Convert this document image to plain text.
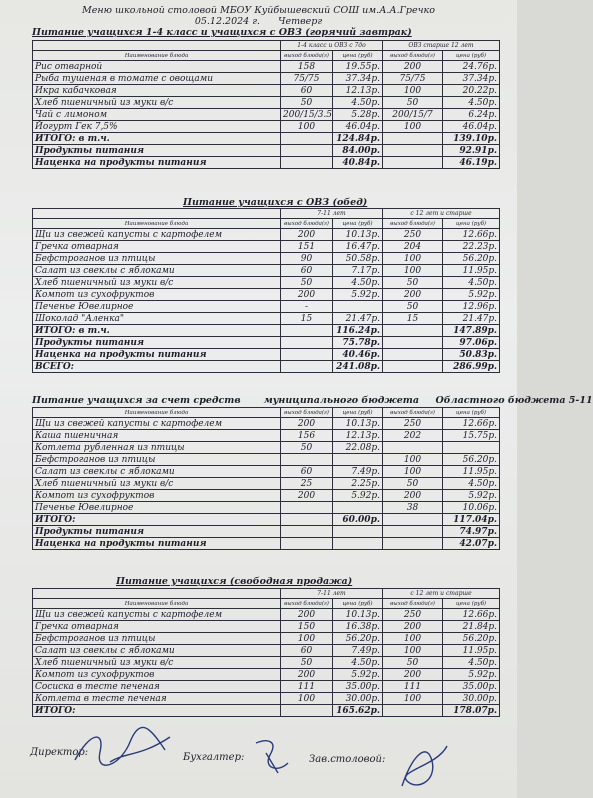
Меню школьной столовой МБОУ Куйбышевский СОШ им.А.А.Гречко
05.12.2024 г. Четверг
Питание учащихся 1-4 класс и учащихся с ОВЗ (горячий завтрак)
	1-4 класс и ОВЗ с 7до		ОВЗ старше 12 лет	
Наименование блюда	выход блюда(г)	цена (руб)	выход блюда(г)	цена (руб)
Рис отварной	158	19.55р.	200	24.76р.
Рыба тушеная в томате с овощами	75/75	37.34р.	75/75	37.34р.
Икра кабачковая	60	12.13р.	100	20.22р.
Хлеб пшеничный из муки в/с	50	4.50р.	50	4.50р.
Чай с лимоном	200/15/3.5	5.28р.	200/15/7	6.24р.
Йогурт Гек 7,5%	100	46.04р.	100	46.04р.
ИТОГО: в т.ч.		124.84р.		139.10р.
Продукты питания		84.00р.		92.91р.
Наценка на продукты питания		40.84р.		46.19р.
Питание учащихся с ОВЗ (обед)
	7-11 лет		с 12 лет и старше	
Наименование блюда	выход блюда(г)	цена (руб)	выход блюда(г)	цена (руб)
Щи из свежей капусты с картофелем	200	10.13р.	250	12.66р.
Гречка отварная	151	16.47р.	204	22.23р.
Бефстроганов из птицы	90	50.58р.	100	56.20р.
Салат из свеклы с яблоками	60	7.17р.	100	11.95р.
Хлеб пшеничный из муки в/с	50	4.50р.	50	4.50р.
Компот из сухофруктов	200	5.92р.	200	5.92р.
Печенье Ювелирное	-		50	12.96р.
Шоколад "Аленка"	15	21.47р.	15	21.47р.
ИТОГО: в т.ч.		116.24р.		147.89р.
Продукты питания		75.78р.		97.06р.
Наценка на продукты питания		40.46р.		50.83р.
ВСЕГО:		241.08р.		286.99р.
Питание учащихся за счет средств муниципального бюджета Областного бюджета 5-11
Наименование блюда	выход блюда(г)	цена (руб)	выход блюда(г)	цена (руб)
Щи из свежей капусты с картофелем	200	10.13р.	250	12.66р.
Каша пшеничная	156	12.13р.	202	15.75р.
Котлета рубленная из птицы	50	22.08р.		
Бефстроганов из птицы			100	56.20р.
Салат из свеклы с яблоками	60	7.49р.	100	11.95р.
Хлеб пшеничный из муки в/с	25	2.25р.	50	4.50р.
Компот из сухофруктов	200	5.92р.	200	5.92р.
Печенье Ювелирное			38	10.06р.
ИТОГО:		60.00р.		117.04р.
Продукты питания				74.97р.
Наценка на продукты питания				42.07р.
Питание учащихся (свободная продажа)
	7-11 лет		с 12 лет и старше	
Наименование блюда	выход блюда(г)	цена (руб)	выход блюда(г)	цена (руб)
Щи из свежей капусты с картофелем	200	10.13р.	250	12.66р.
Гречка отварная	150	16.38р.	200	21.84р.
Бефстроганов из птицы	100	56.20р.	100	56.20р.
Салат из свеклы с яблоками	60	7.49р.	100	11.95р.
Хлеб пшеничный из муки в/с	50	4.50р.	50	4.50р.
Компот из сухофруктов	200	5.92р.	200	5.92р.
Сосиска в тесте печеная	111	35.00р.	111	35.00р.
Котлета в тесте печеная	100	30.00р.	100	30.00р.
ИТОГО:		165.62р.		178.07р.
Директор:	Бухгалтер:	Зав.столовой:
